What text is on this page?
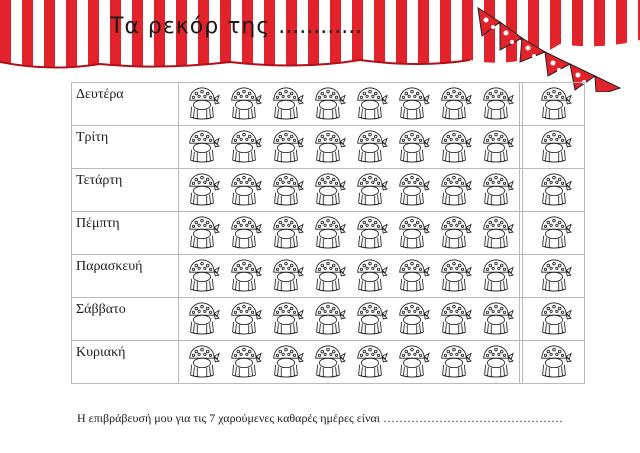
Τα ρεκόρ της ............
Δευτέρα	

Τρίτη	

Τετάρτη	

Πέμπτη	

Παρασκευή	

Σάββατο	

Κυριακή	

Η επιβράβευσή μου για τις 7 χαρούμενες καθαρές ημέρες είναι ………………………………………
